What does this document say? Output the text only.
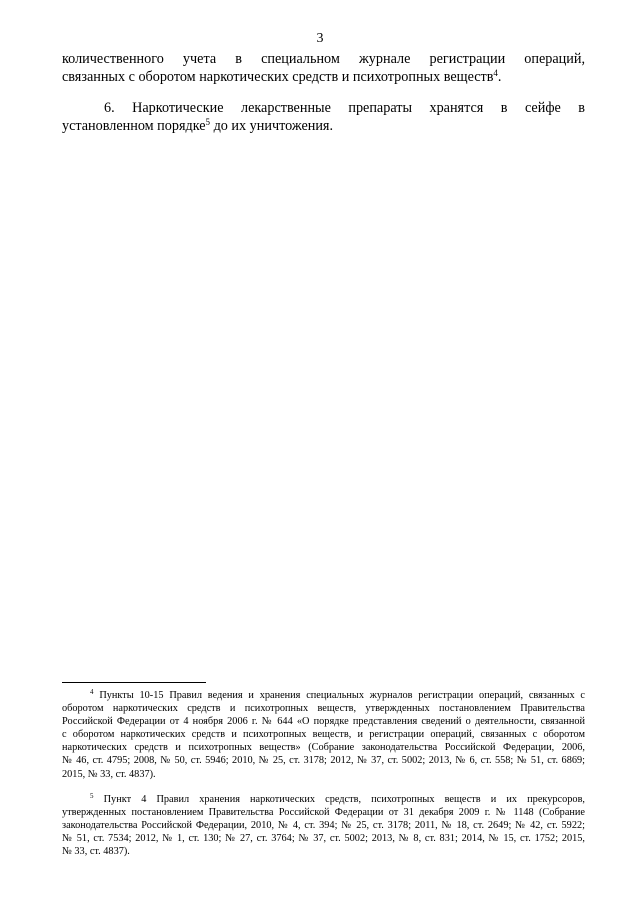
3
количественного учета в специальном журнале регистрации операций,
связанных с оборотом наркотических средств и психотропных веществ$^4$.
6. Наркотические лекарственные препараты хранятся в сейфе в
установленном порядке$^5$ до их уничтожения.
$^4$ Пункты 10-15 Правил ведения и хранения специальных журналов регистрации операций, связанных с
оборотом наркотических средств и психотропных веществ, утвержденных постановлением Правительства
Российской Федерации от 4 ноября 2006 г. № 644 «О порядке представления сведений о деятельности, связанной
с оборотом наркотических средств и психотропных веществ, и регистрации операций, связанных с оборотом
наркотических средств и психотропных веществ» (Собрание законодательства Российской Федерации, 2006,
№ 46, ст. 4795; 2008, № 50, ст. 5946; 2010, № 25, ст. 3178; 2012, № 37, ст. 5002; 2013, № 6, ст. 558; № 51, ст. 6869;
2015, № 33, ст. 4837).
$^5$ Пункт 4 Правил хранения наркотических средств, психотропных веществ и их прекурсоров,
утвержденных постановлением Правительства Российской Федерации от 31 декабря 2009 г. № 1148 (Собрание
законодательства Российской Федерации, 2010, № 4, ст. 394; № 25, ст. 3178; 2011, № 18, ст. 2649; № 42, ст. 5922;
№ 51, ст. 7534; 2012, № 1, ст. 130; № 27, ст. 3764; № 37, ст. 5002; 2013, № 8, ст. 831; 2014, № 15, ст. 1752; 2015,
№ 33, ст. 4837).
